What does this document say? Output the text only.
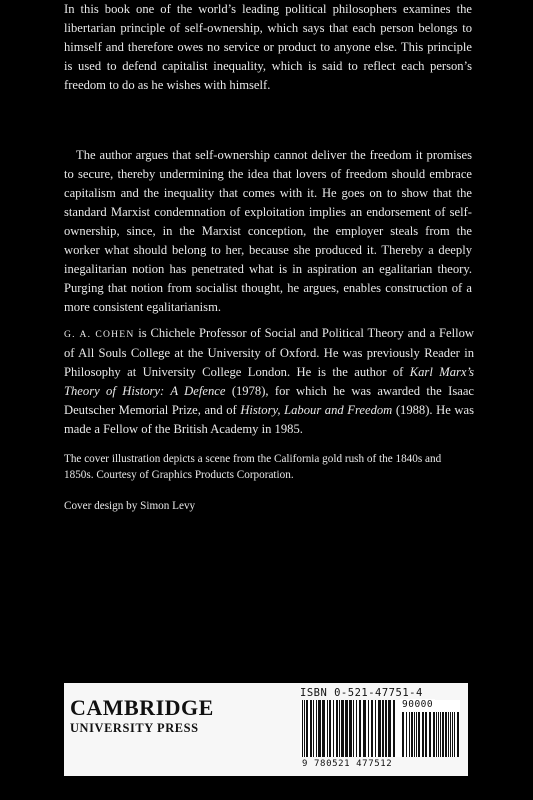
In this book one of the world’s leading political philosophers examines the libertarian principle of self-ownership, which says that each person belongs to himself and therefore owes no service or product to anyone else. This principle is used to defend capitalist inequality, which is said to reflect each person’s freedom to do as he wishes with himself.

The author argues that self-ownership cannot deliver the freedom it promises to secure, thereby undermining the idea that lovers of freedom should embrace capitalism and the inequality that comes with it. He goes on to show that the standard Marxist condemnation of exploitation implies an endorsement of self-ownership, since, in the Marxist conception, the employer steals from the worker what should belong to her, because she produced it. Thereby a deeply inegalitarian notion has penetrated what is in aspiration an egalitarian theory. Purging that notion from socialist thought, he argues, enables construction of a more consistent egalitarianism.

G. A. COHEN is Chichele Professor of Social and Political Theory and a Fellow of All Souls College at the University of Oxford. He was previously Reader in Philosophy at University College London. He is the author of Karl Marx’s Theory of History: A Defence (1978), for which he was awarded the Isaac Deutscher Memorial Prize, and of History, Labour and Freedom (1988). He was made a Fellow of the British Academy in 1985.

The cover illustration depicts a scene from the California gold rush of the 1840s and 1850s. Courtesy of Graphics Products Corporation.

Cover design by Simon Levy

CAMBRIDGE
UNIVERSITY PRESS
ISBN 0-521-47751-4
90000
9 780521 477512
